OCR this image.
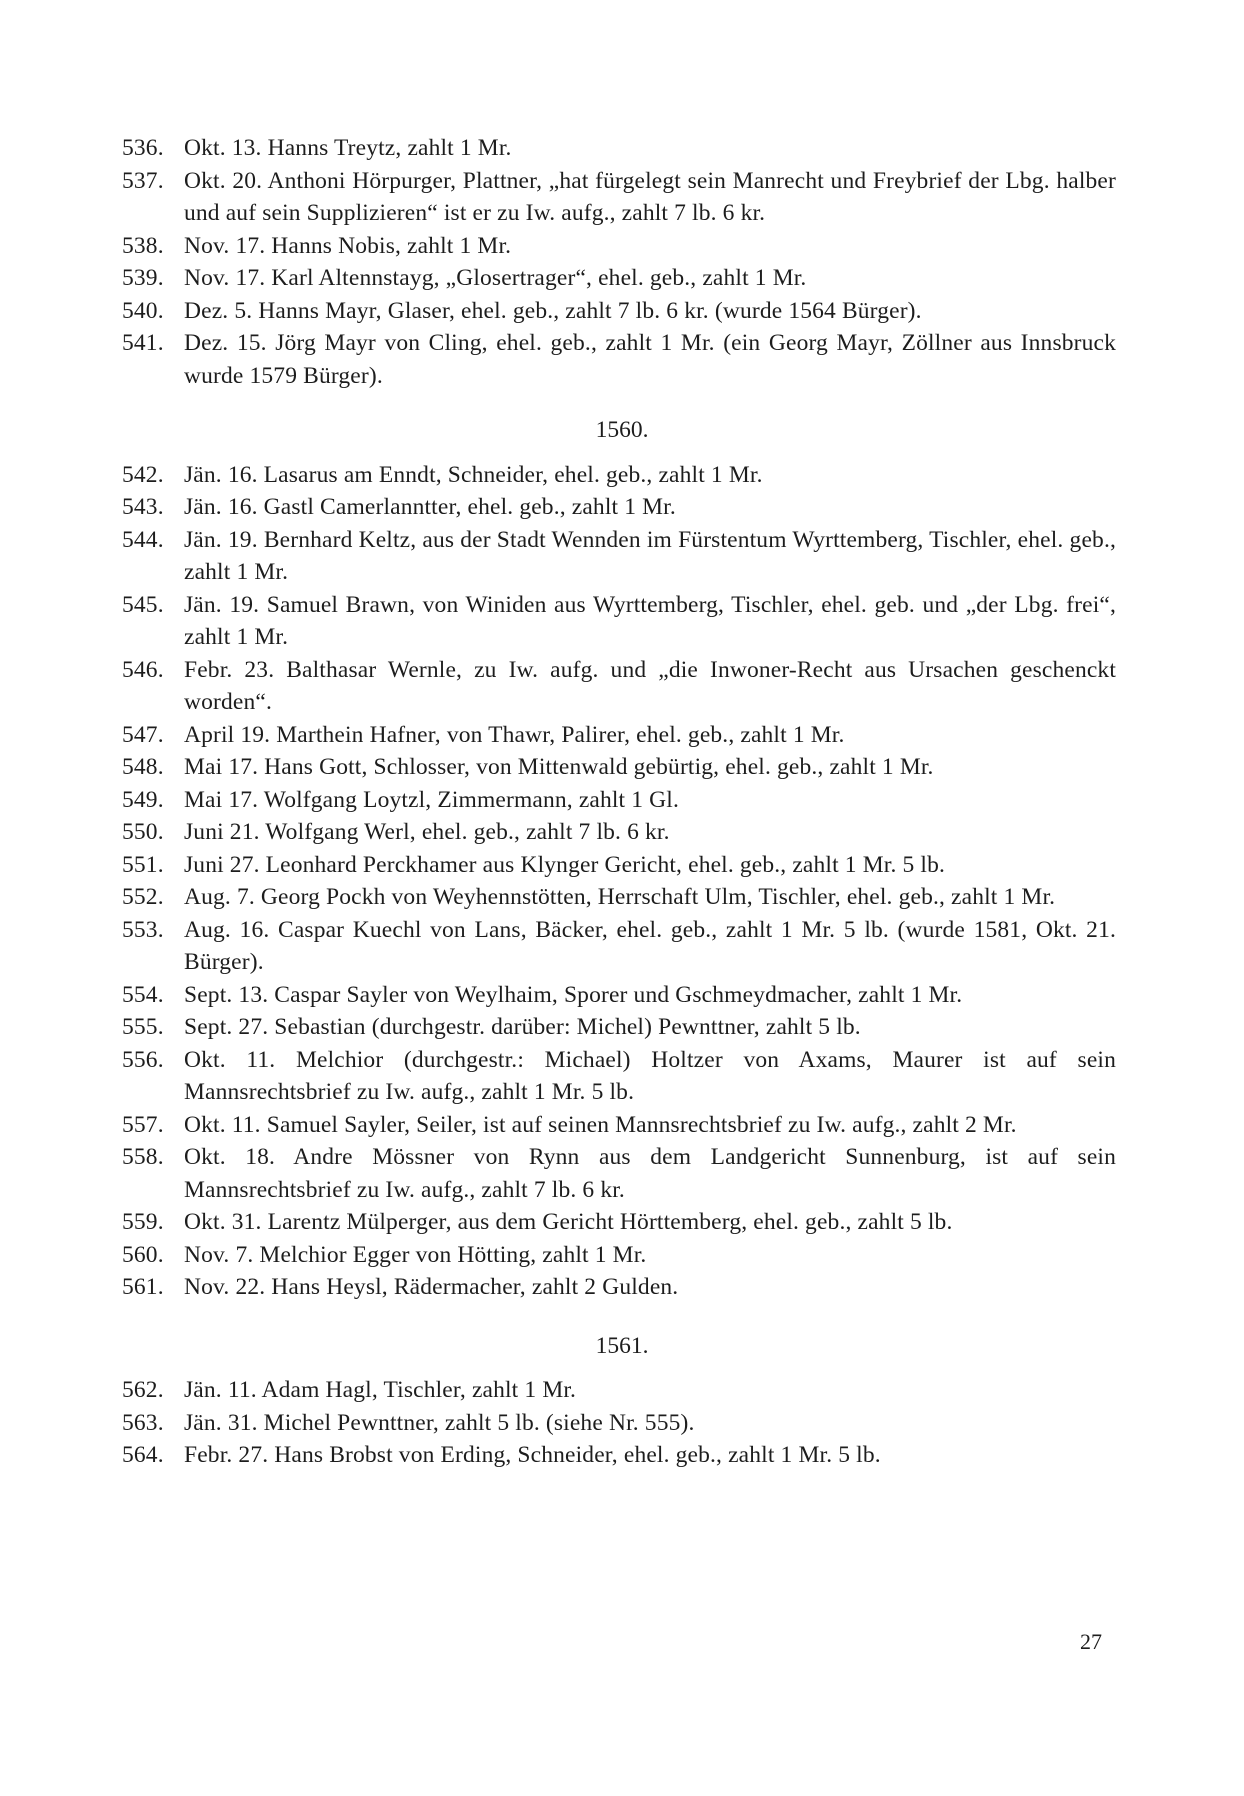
536. Okt. 13. Hanns Treytz, zahlt 1 Mr.
537. Okt. 20. Anthoni Hörpurger, Plattner, „hat fürgelegt sein Manrecht und Freybrief der Lbg. halber und auf sein Supplizieren“ ist er zu Iw. aufg., zahlt 7 lb. 6 kr.
538. Nov. 17. Hanns Nobis, zahlt 1 Mr.
539. Nov. 17. Karl Altennstayg, „Glosertrager“, ehel. geb., zahlt 1 Mr.
540. Dez. 5. Hanns Mayr, Glaser, ehel. geb., zahlt 7 lb. 6 kr. (wurde 1564 Bürger).
541. Dez. 15. Jörg Mayr von Cling, ehel. geb., zahlt 1 Mr. (ein Georg Mayr, Zöllner aus Innsbruck wurde 1579 Bürger).
1560.
542. Jän. 16. Lasarus am Enndt, Schneider, ehel. geb., zahlt 1 Mr.
543. Jän. 16. Gastl Camerlanntter, ehel. geb., zahlt 1 Mr.
544. Jän. 19. Bernhard Keltz, aus der Stadt Wennden im Fürstentum Wyrttemberg, Tischler, ehel. geb., zahlt 1 Mr.
545. Jän. 19. Samuel Brawn, von Winiden aus Wyrttemberg, Tischler, ehel. geb. und „der Lbg. frei“, zahlt 1 Mr.
546. Febr. 23. Balthasar Wernle, zu Iw. aufg. und „die Inwoner-Recht aus Ursachen geschenckt worden“.
547. April 19. Marthein Hafner, von Thawr, Palirer, ehel. geb., zahlt 1 Mr.
548. Mai 17. Hans Gott, Schlosser, von Mittenwald gebürtig, ehel. geb., zahlt 1 Mr.
549. Mai 17. Wolfgang Loytzl, Zimmermann, zahlt 1 Gl.
550. Juni 21. Wolfgang Werl, ehel. geb., zahlt 7 lb. 6 kr.
551. Juni 27. Leonhard Perckhamer aus Klynger Gericht, ehel. geb., zahlt 1 Mr. 5 lb.
552. Aug. 7. Georg Pockh von Weyhennstötten, Herrschaft Ulm, Tischler, ehel. geb., zahlt 1 Mr.
553. Aug. 16. Caspar Kuechl von Lans, Bäcker, ehel. geb., zahlt 1 Mr. 5 lb. (wurde 1581, Okt. 21. Bürger).
554. Sept. 13. Caspar Sayler von Weylhaim, Sporer und Gschmeydmacher, zahlt 1 Mr.
555. Sept. 27. Sebastian (durchgestr. darüber: Michel) Pewnttner, zahlt 5 lb.
556. Okt. 11. Melchior (durchgestr.: Michael) Holtzer von Axams, Maurer ist auf sein Mannsrechtsbrief zu Iw. aufg., zahlt 1 Mr. 5 lb.
557. Okt. 11. Samuel Sayler, Seiler, ist auf seinen Mannsrechtsbrief zu Iw. aufg., zahlt 2 Mr.
558. Okt. 18. Andre Mössner von Rynn aus dem Landgericht Sunnenburg, ist auf sein Mannsrechtsbrief zu Iw. aufg., zahlt 7 lb. 6 kr.
559. Okt. 31. Larentz Mülperger, aus dem Gericht Hörttemberg, ehel. geb., zahlt 5 lb.
560. Nov. 7. Melchior Egger von Hötting, zahlt 1 Mr.
561. Nov. 22. Hans Heysl, Rädermacher, zahlt 2 Gulden.
1561.
562. Jän. 11. Adam Hagl, Tischler, zahlt 1 Mr.
563. Jän. 31. Michel Pewnttner, zahlt 5 lb. (siehe Nr. 555).
564. Febr. 27. Hans Brobst von Erding, Schneider, ehel. geb., zahlt 1 Mr. 5 lb.
27
